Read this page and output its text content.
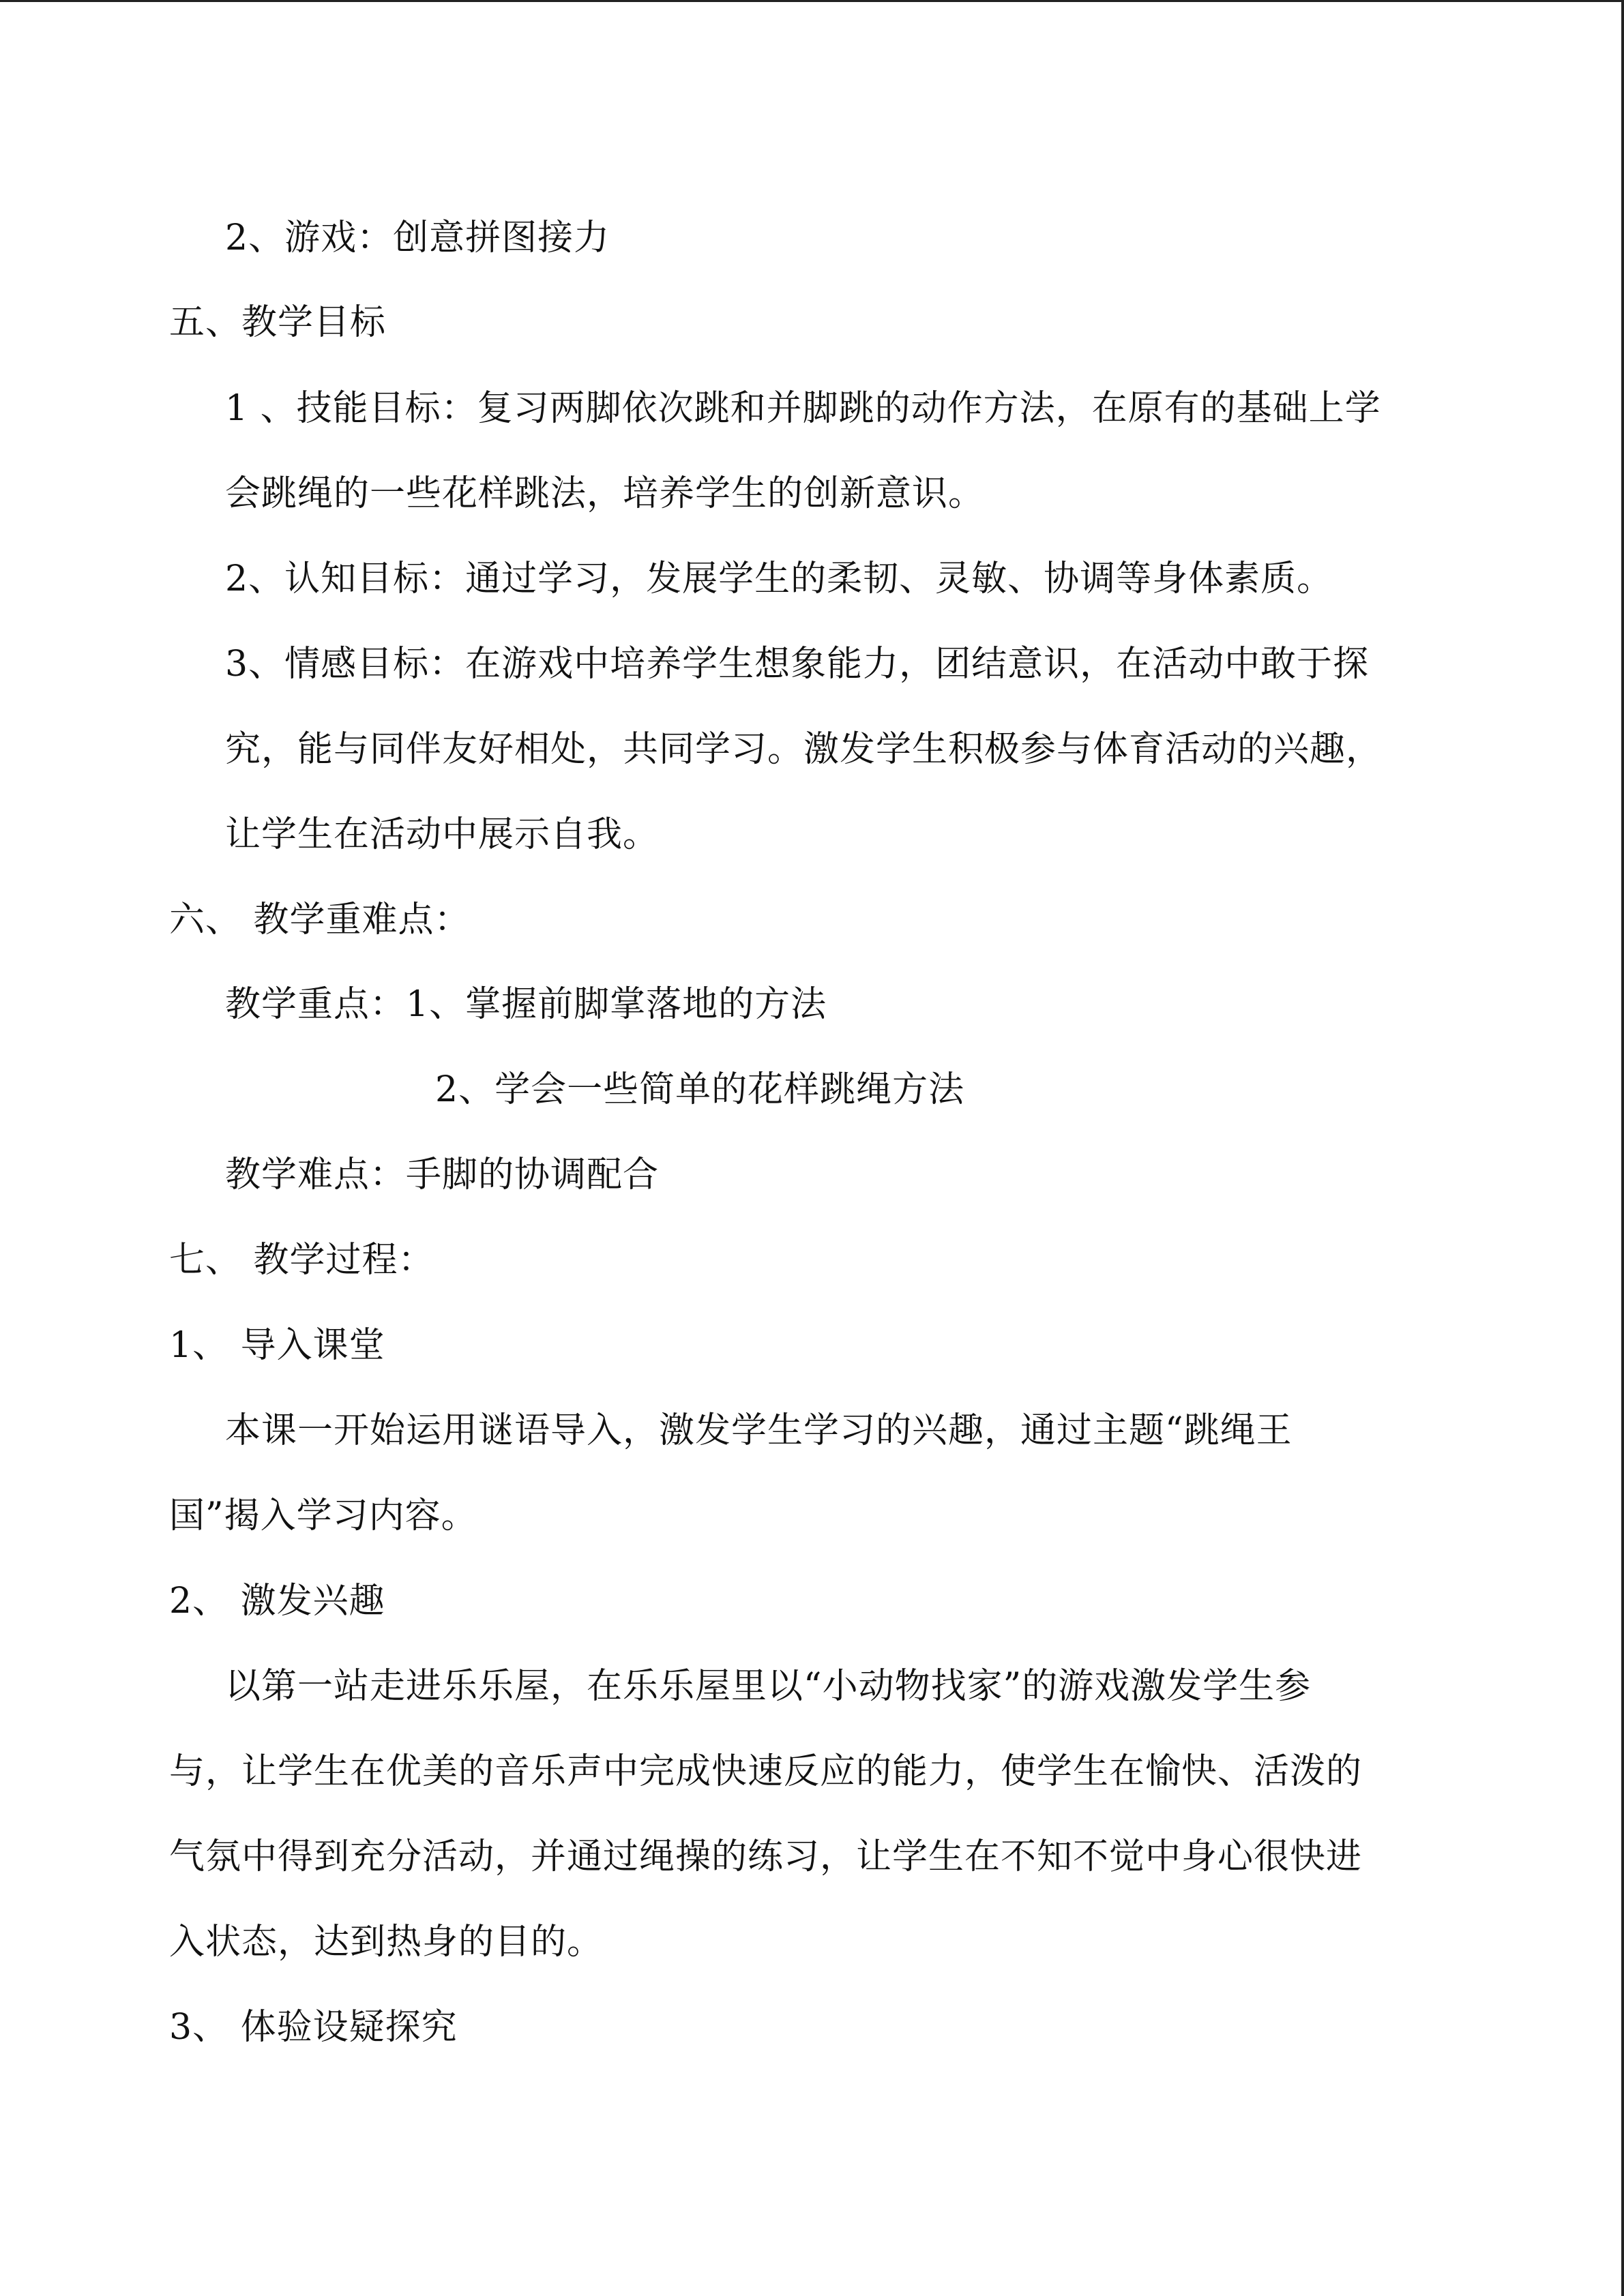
2、游戏：创意拼图接力
五、教学目标
1 、技能目标：复习两脚依次跳和并脚跳的动作方法，在原有的基础上学
会跳绳的一些花样跳法，培养学生的创新意识。
2、认知目标：通过学习，发展学生的柔韧、灵敏、协调等身体素质。
3、情感目标：在游戏中培养学生想象能力，团结意识，在活动中敢于探
究，能与同伴友好相处，共同学习。激发学生积极参与体育活动的兴趣，
让学生在活动中展示自我。
六、 教学重难点：
教学重点：1、掌握前脚掌落地的方法
2、学会一些简单的花样跳绳方法
教学难点：手脚的协调配合
七、 教学过程：
1、 导入课堂
本课一开始运用谜语导入，激发学生学习的兴趣，通过主题“跳绳王
国”揭入学习内容。
2、 激发兴趣
以第一站走进乐乐屋，在乐乐屋里以“小动物找家”的游戏激发学生参
与，让学生在优美的音乐声中完成快速反应的能力，使学生在愉快、活泼的
气氛中得到充分活动，并通过绳操的练习，让学生在不知不觉中身心很快进
入状态，达到热身的目的。
3、 体验设疑探究
